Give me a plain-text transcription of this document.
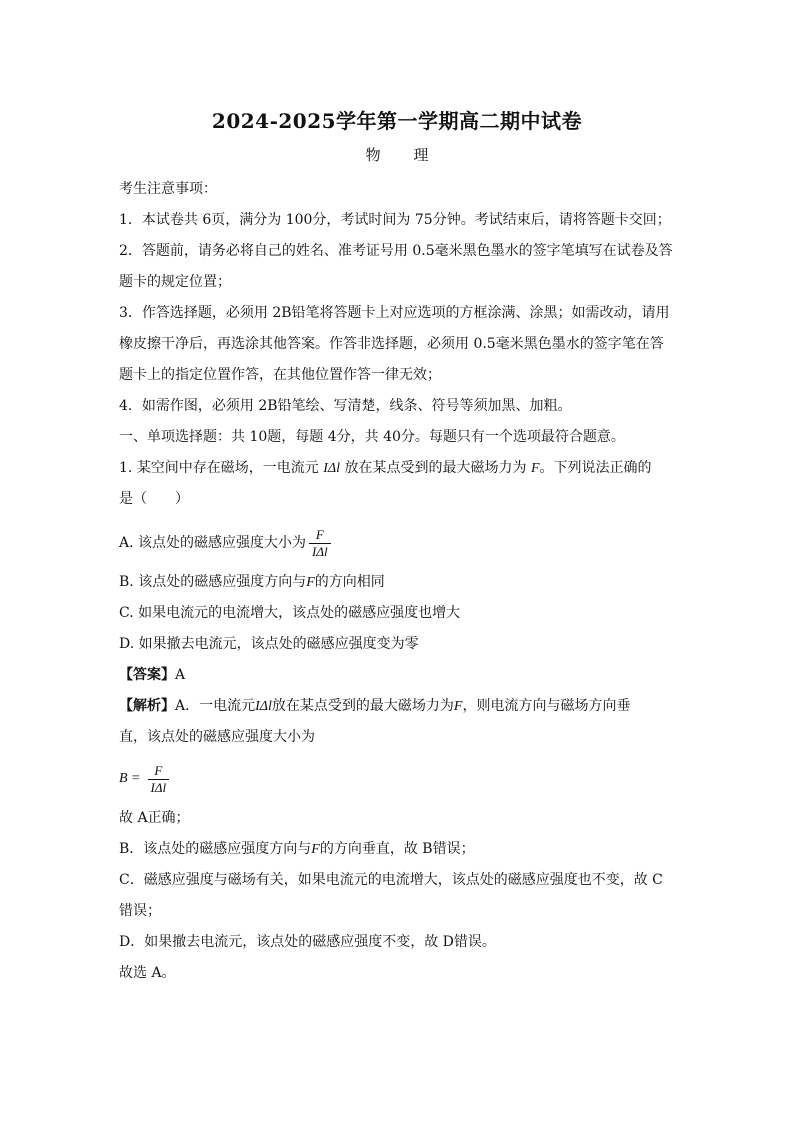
2024-2025学年第一学期高二期中试卷
物 理
考生注意事项：
1．本试卷共 6页，满分为 100分，考试时间为 75分钟。考试结束后，请将答题卡交回；
2．答题前，请务必将自己的姓名、准考证号用 0.5毫米黑色墨水的签字笔填写在试卷及答
题卡的规定位置；
3．作答选择题，必须用 2B铅笔将答题卡上对应选项的方框涂满、涂黑；如需改动，请用
橡皮擦干净后，再选涂其他答案。作答非选择题，必须用 0.5毫米黑色墨水的签字笔在答
题卡上的指定位置作答，在其他位置作答一律无效；
4．如需作图，必须用 2B铅笔绘、写清楚，线条、符号等须加黑、加粗。
一、单项选择题：共 10题，每题 4分，共 40分。每题只有一个选项最符合题意。
1. 某空间中存在磁场，一电流元 IΔl 放在某点受到的最大磁场力为 F。下列说法正确的
是（　　）
A. 该点处的磁感应强度大小为 $\frac{F}{\text{IΔl}}$
B. 该点处的磁感应强度方向与F的方向相同
C. 如果电流元的电流增大，该点处的磁感应强度也增大
D. 如果撤去电流元，该点处的磁感应强度变为零
【答案】A
【解析】A．一电流元IΔl放在某点受到的最大磁场力为F，则电流方向与磁场方向垂
直，该点处的磁感应强度大小为
$B = \frac{F}{\text{IΔl}}$
故 A正确；
B．该点处的磁感应强度方向与F的方向垂直，故 B错误；
C．磁感应强度与磁场有关，如果电流元的电流增大，该点处的磁感应强度也不变，故 C
错误；
D．如果撤去电流元，该点处的磁感应强度不变，故 D错误。
故选 A。
